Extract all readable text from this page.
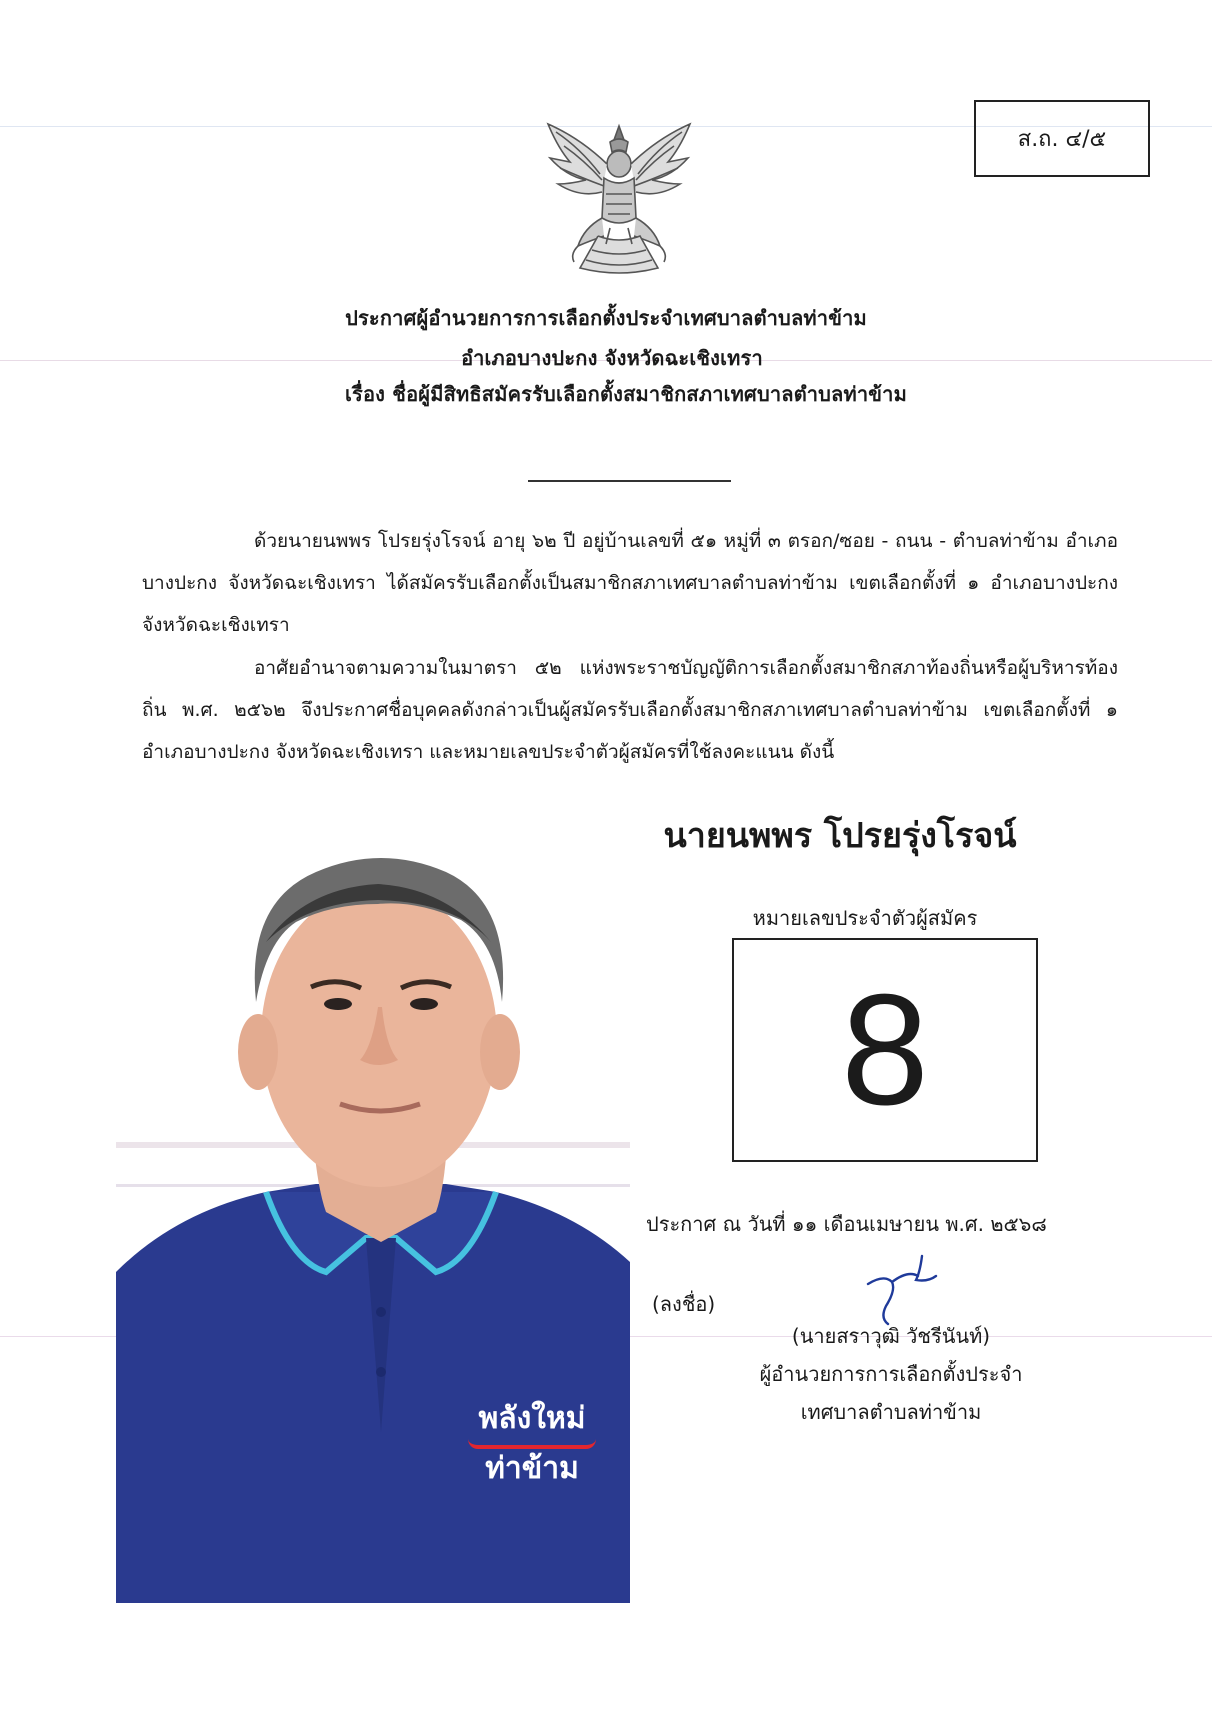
ส.ถ. ๔/๕
ประกาศผู้อำนวยการการเลือกตั้งประจำเทศบาลตำบลท่าข้าม
อำเภอบางปะกง จังหวัดฉะเชิงเทรา
เรื่อง ชื่อผู้มีสิทธิสมัครรับเลือกตั้งสมาชิกสภาเทศบาลตำบลท่าข้าม
ด้วยนายนพพร โปรยรุ่งโรจน์ อายุ ๖๒ ปี อยู่บ้านเลขที่ ๕๑ หมู่ที่ ๓ ตรอก/ซอย - ถนน - ตำบลท่าข้าม อำเภอบางปะกง จังหวัดฉะเชิงเทรา ได้สมัครรับเลือกตั้งเป็นสมาชิกสภาเทศบาลตำบลท่าข้าม เขตเลือกตั้งที่ ๑ อำเภอบางปะกง จังหวัดฉะเชิงเทรา
อาศัยอำนาจตามความในมาตรา ๕๒ แห่งพระราชบัญญัติการเลือกตั้งสมาชิกสภาท้องถิ่นหรือผู้บริหารท้องถิ่น พ.ศ. ๒๕๖๒ จึงประกาศชื่อบุคคลดังกล่าวเป็นผู้สมัครรับเลือกตั้งสมาชิกสภาเทศบาลตำบลท่าข้าม เขตเลือกตั้งที่ ๑ อำเภอบางปะกง จังหวัดฉะเชิงเทรา และหมายเลขประจำตัวผู้สมัครที่ใช้ลงคะแนน ดังนี้
พลังใหม่
ท่าข้าม
นายนพพร โปรยรุ่งโรจน์
หมายเลขประจำตัวผู้สมัคร
8
ประกาศ ณ วันที่ ๑๑ เดือนเมษายน พ.ศ. ๒๕๖๘
(ลงชื่อ)
(นายสราวุฒิ วัชรีนันท์)
ผู้อำนวยการการเลือกตั้งประจำ
เทศบาลตำบลท่าข้าม
